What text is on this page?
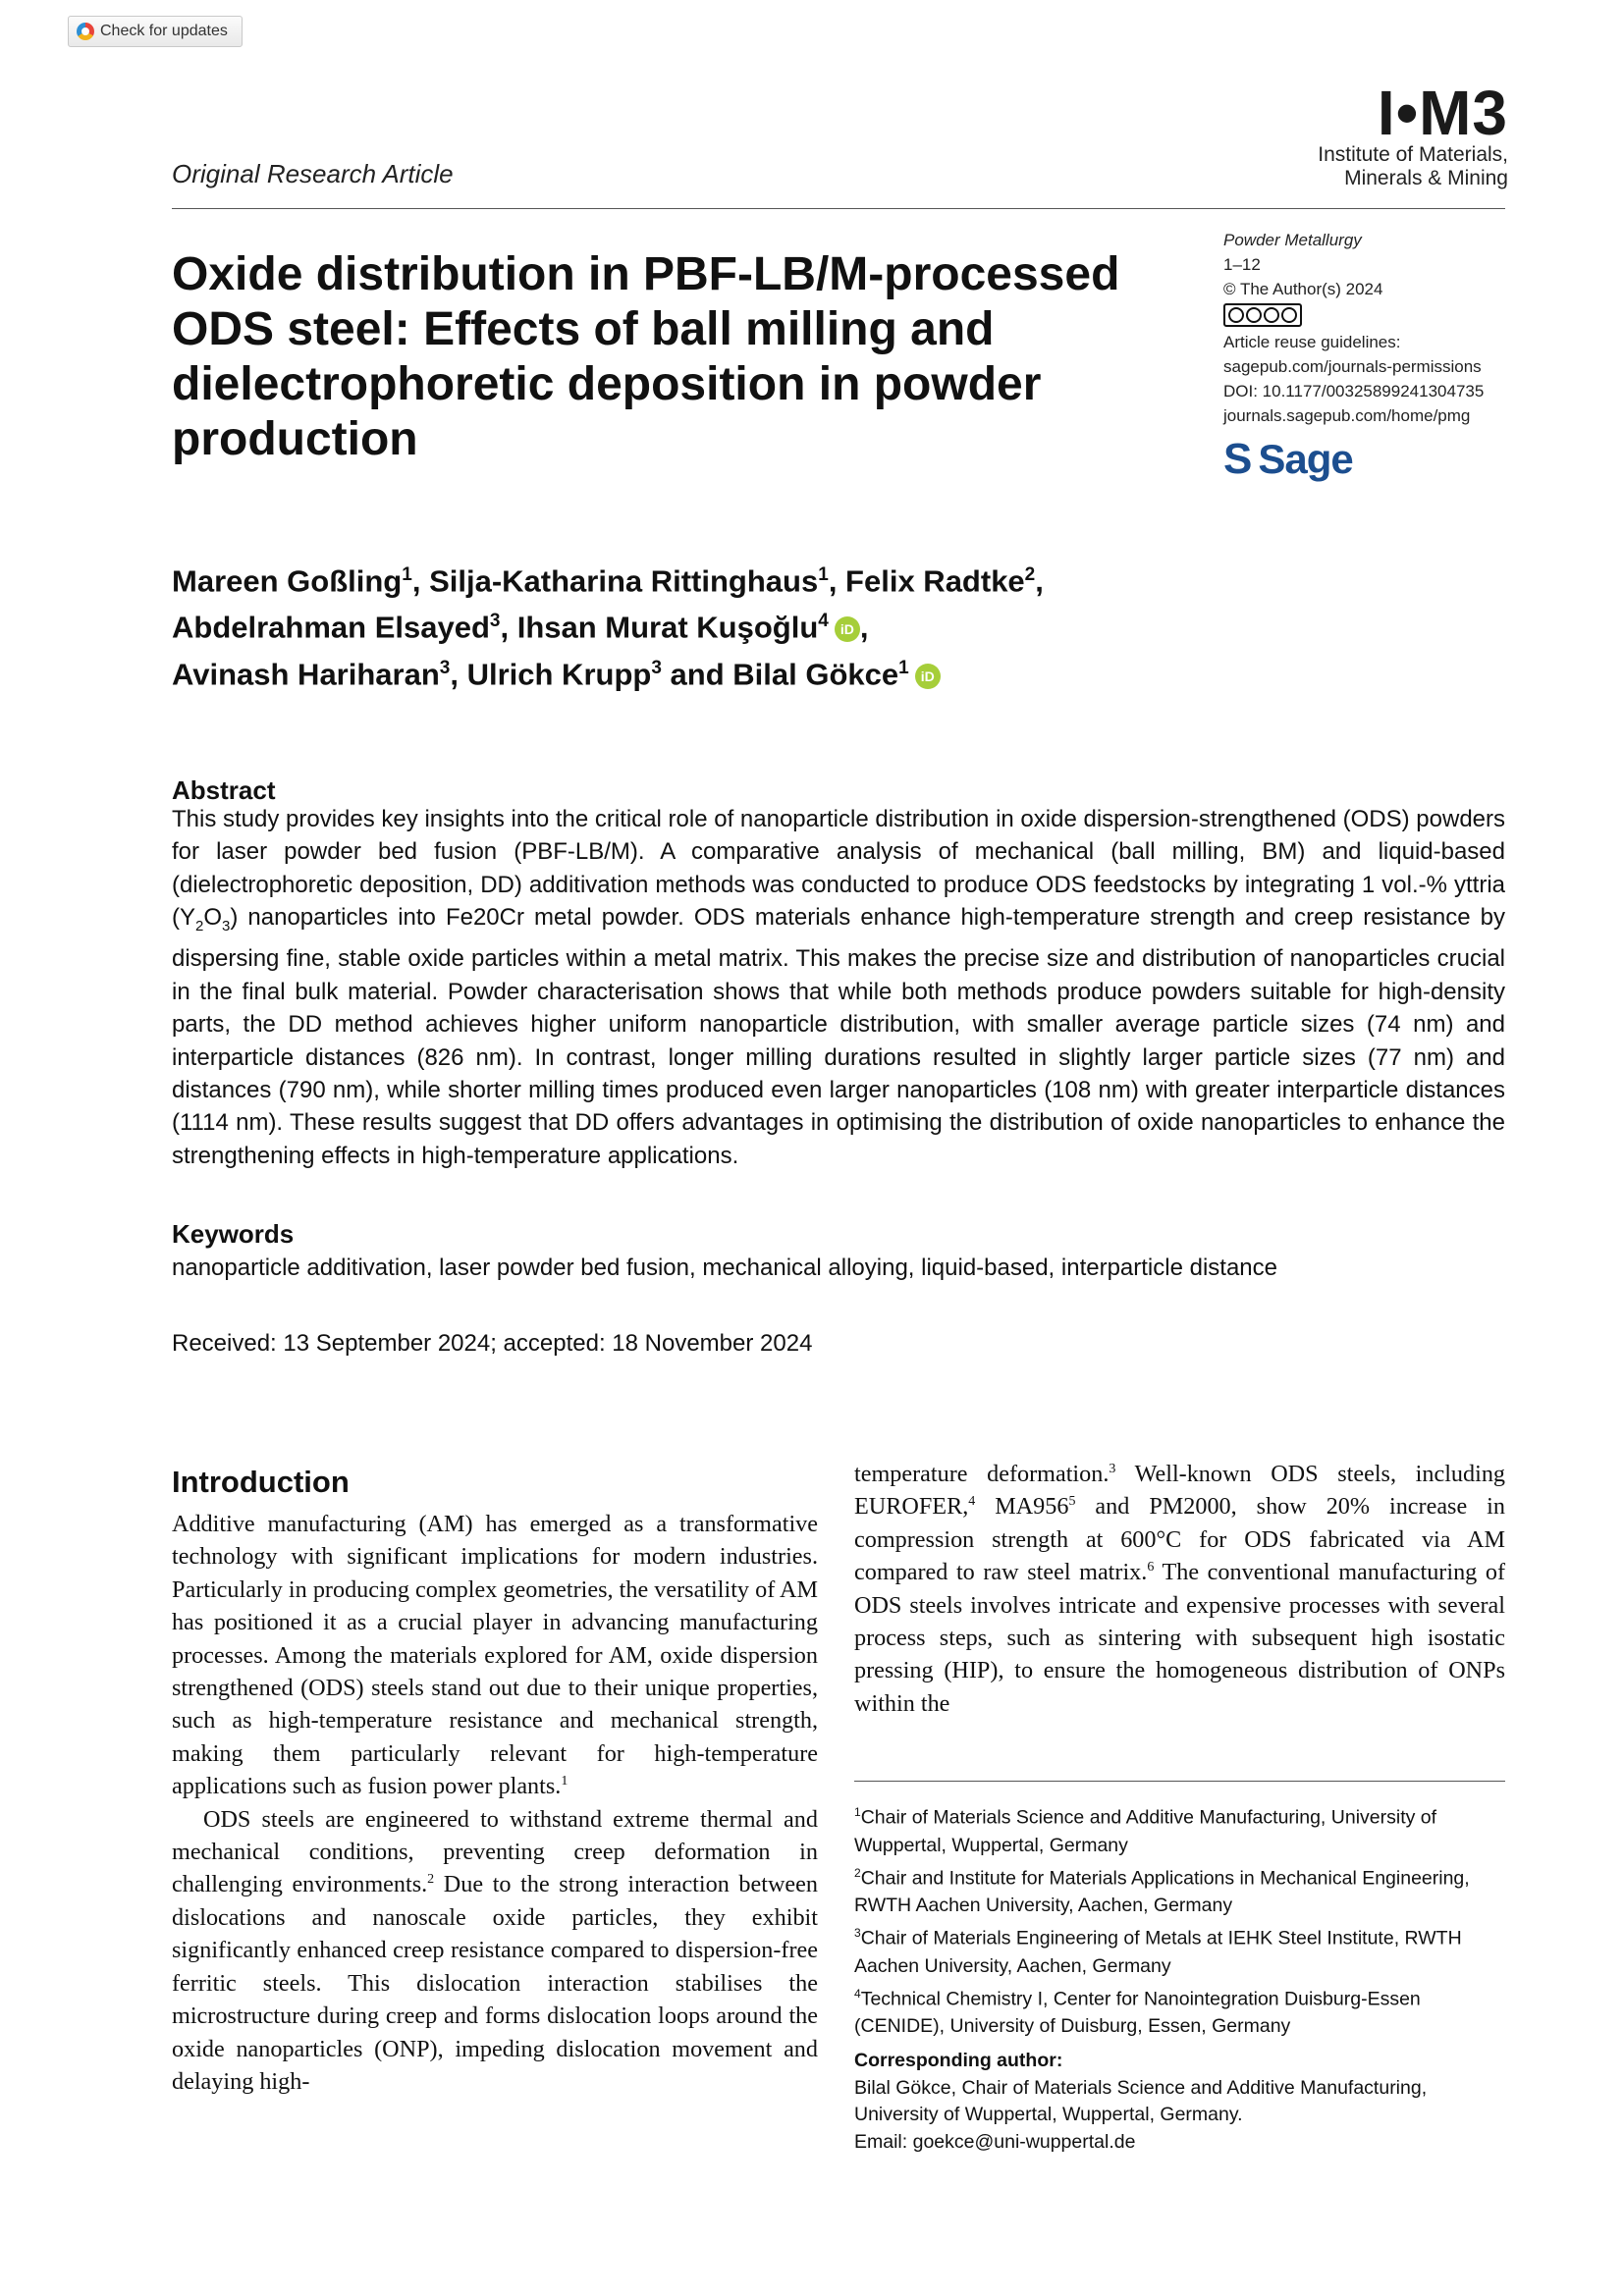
Check for updates
Original Research Article
I•M3
Institute of Materials,
Minerals & Mining
Oxide distribution in PBF-LB/M-processed ODS steel: Effects of ball milling and dielectrophoretic deposition in powder production
Powder Metallurgy
1–12
© The Author(s) 2024
Article reuse guidelines:
sagepub.com/journals-permissions
DOI: 10.1177/00325899241304735
journals.sagepub.com/home/pmg
S Sage
Mareen Goßling$^1$, Silja-Katharina Rittinghaus$^1$, Felix Radtke$^2$,
Abdelrahman Elsayed$^3$, Ihsan Murat Kuşoğlu$^4$ iD ,
Avinash Hariharan$^3$, Ulrich Krupp$^3$ and Bilal Gökce$^1$ iD
Abstract
This study provides key insights into the critical role of nanoparticle distribution in oxide dispersion-strengthened (ODS) powders for laser powder bed fusion (PBF-LB/M). A comparative analysis of mechanical (ball milling, BM) and liquid-based (dielectrophoretic deposition, DD) additivation methods was conducted to produce ODS feedstocks by integrating 1 vol.-% yttria $(Y_2O_3)$ nanoparticles into Fe20Cr metal powder. ODS materials enhance high-temperature strength and creep resistance by dispersing fine, stable oxide particles within a metal matrix. This makes the precise size and distribution of nanoparticles crucial in the final bulk material. Powder characterisation shows that while both methods produce powders suitable for high-density parts, the DD method achieves higher uniform nanoparticle distribution, with smaller average particle sizes (74 nm) and interparticle distances (826 nm). In contrast, longer milling durations resulted in slightly larger particle sizes (77 nm) and distances (790 nm), while shorter milling times produced even larger nanoparticles (108 nm) with greater interparticle distances (1114 nm). These results suggest that DD offers advantages in optimising the distribution of oxide nanoparticles to enhance the strengthening effects in high-temperature applications.
Keywords
nanoparticle additivation, laser powder bed fusion, mechanical alloying, liquid-based, interparticle distance
Received: 13 September 2024; accepted: 18 November 2024
Introduction

Additive manufacturing (AM) has emerged as a transformative technology with significant implications for modern industries. Particularly in producing complex geometries, the versatility of AM has positioned it as a crucial player in advancing manufacturing processes. Among the materials explored for AM, oxide dispersion strengthened (ODS) steels stand out due to their unique properties, such as high-temperature resistance and mechanical strength, making them particularly relevant for high-temperature applications such as fusion power plants.$^1$

ODS steels are engineered to withstand extreme thermal and mechanical conditions, preventing creep deformation in challenging environments.$^2$ Due to the strong interaction between dislocations and nanoscale oxide particles, they exhibit significantly enhanced creep resistance compared to dispersion-free ferritic steels. This dislocation interaction stabilises the microstructure during creep and forms dislocation loops around the oxide nanoparticles (ONP), impeding dislocation movement and delaying high-

temperature deformation.$^3$ Well-known ODS steels, including EUROFER,$^4$ MA956$^5$ and PM2000, show 20% increase in compression strength at 600°C for ODS fabricated via AM compared to raw steel matrix.$^6$ The conventional manufacturing of ODS steels involves intricate and expensive processes with several process steps, such as sintering with subsequent high isostatic pressing (HIP), to ensure the homogeneous distribution of ONPs within the

$^1$Chair of Materials Science and Additive Manufacturing, University of Wuppertal, Wuppertal, Germany
$^2$Chair and Institute for Materials Applications in Mechanical Engineering, RWTH Aachen University, Aachen, Germany
$^3$Chair of Materials Engineering of Metals at IEHK Steel Institute, RWTH Aachen University, Aachen, Germany
$^4$Technical Chemistry I, Center for Nanointegration Duisburg-Essen (CENIDE), University of Duisburg, Essen, Germany
Corresponding author:
Bilal Gökce, Chair of Materials Science and Additive Manufacturing,
University of Wuppertal, Wuppertal, Germany.
Email: goekce@uni-wuppertal.de
